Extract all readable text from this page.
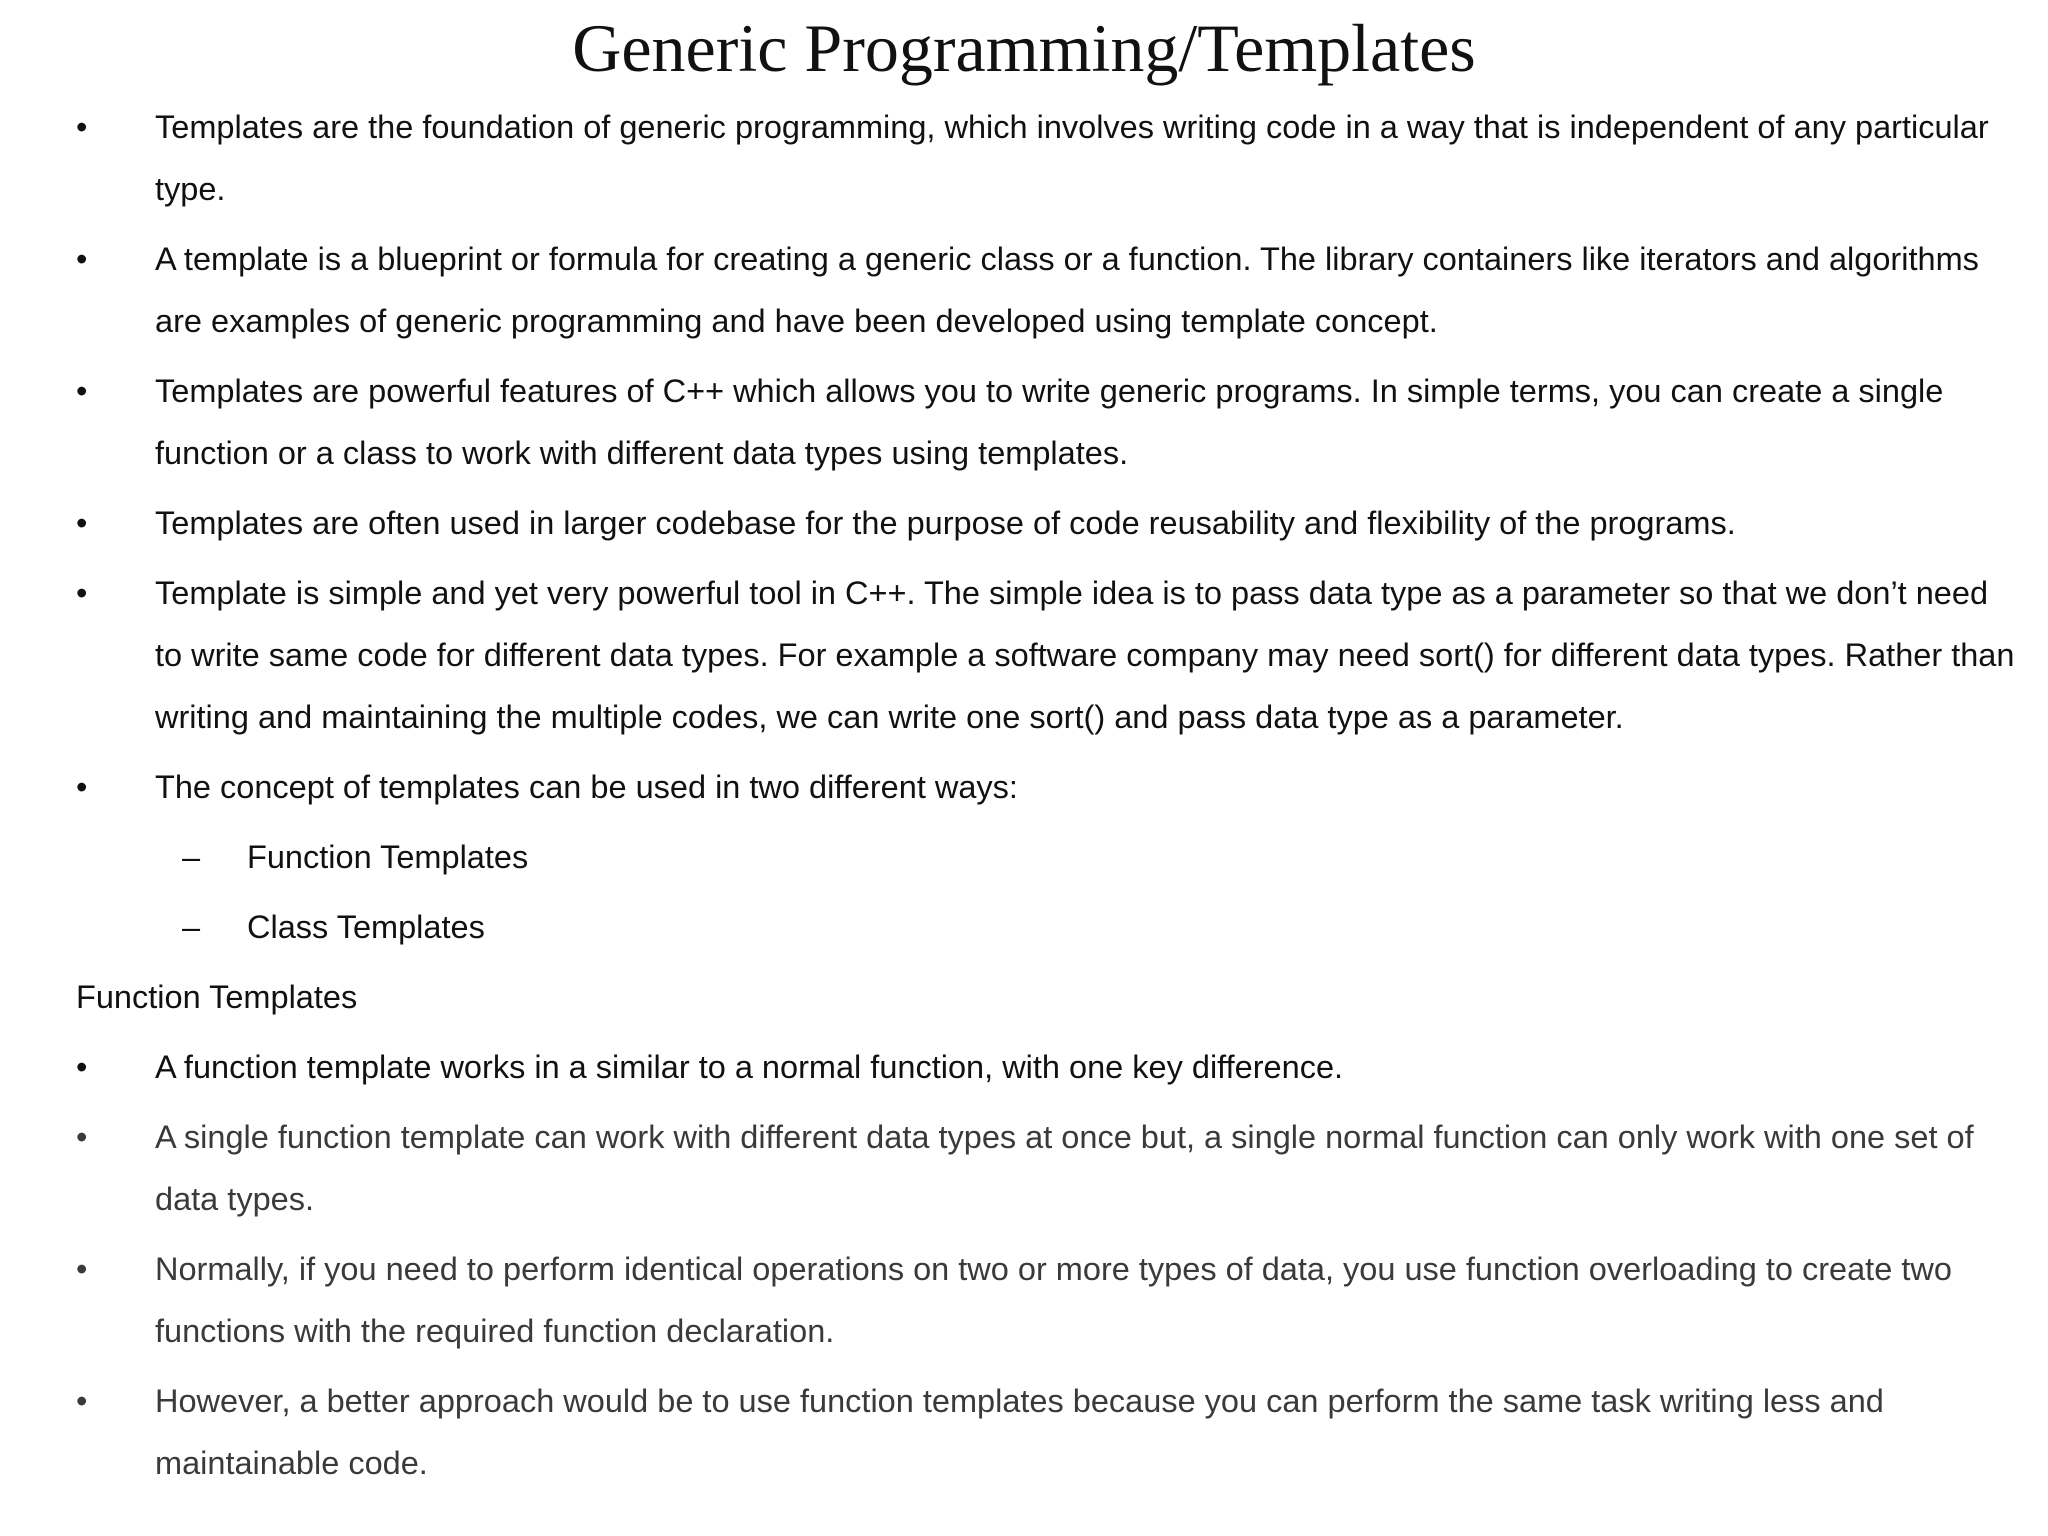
Generic Programming/Templates
•	Templates are the foundation of generic programming, which involves writing code in a way that is independent of any particular type.
•	A template is a blueprint or formula for creating a generic class or a function. The library containers like iterators and algorithms are examples of generic programming and have been developed using template concept.
•	Templates are powerful features of C++ which allows you to write generic programs. In simple terms, you can create a single function or a class to work with different data types using templates.
•	Templates are often used in larger codebase for the purpose of code reusability and flexibility of the programs.
•	Template is simple and yet very powerful tool in C++. The simple idea is to pass data type as a parameter so that we don’t need to write same code for different data types. For example a software company may need sort() for different data types. Rather than writing and maintaining the multiple codes, we can write one sort() and pass data type as a parameter.
•	The concept of templates can be used in two different ways:
– Function Templates
– Class Templates
Function Templates
•	A function template works in a similar to a normal function, with one key difference.
•	A single function template can work with different data types at once but, a single normal function can only work with one set of data types.
•	Normally, if you need to perform identical operations on two or more types of data, you use function overloading to create two functions with the required function declaration.
•	However, a better approach would be to use function templates because you can perform the same task writing less and maintainable code.
